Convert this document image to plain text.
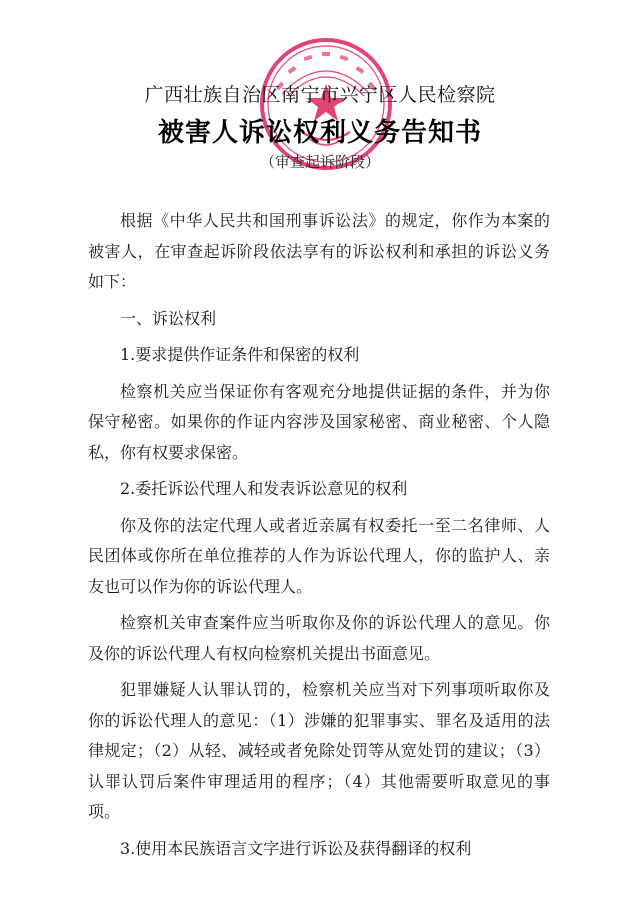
广西壮族自治区南宁市兴宁区人民检察院
被害人诉讼权利义务告知书
（审查起诉阶段）

根据《中华人民共和国刑事诉讼法》的规定，你作为本案的被害人，在审查起诉阶段依法享有的诉讼权利和承担的诉讼义务如下：

一、诉讼权利

1.要求提供作证条件和保密的权利

检察机关应当保证你有客观充分地提供证据的条件，并为你保守秘密。如果你的作证内容涉及国家秘密、商业秘密、个人隐私，你有权要求保密。

2.委托诉讼代理人和发表诉讼意见的权利

你及你的法定代理人或者近亲属有权委托一至二名律师、人民团体或你所在单位推荐的人作为诉讼代理人，你的监护人、亲友也可以作为你的诉讼代理人。

检察机关审查案件应当听取你及你的诉讼代理人的意见。你及你的诉讼代理人有权向检察机关提出书面意见。

犯罪嫌疑人认罪认罚的，检察机关应当对下列事项听取你及你的诉讼代理人的意见：（1）涉嫌的犯罪事实、罪名及适用的法律规定；（2）从轻、减轻或者免除处罚等从宽处罚的建议；（3）认罪认罚后案件审理适用的程序；（4）其他需要听取意见的事项。

3.使用本民族语言文字进行诉讼及获得翻译的权利
